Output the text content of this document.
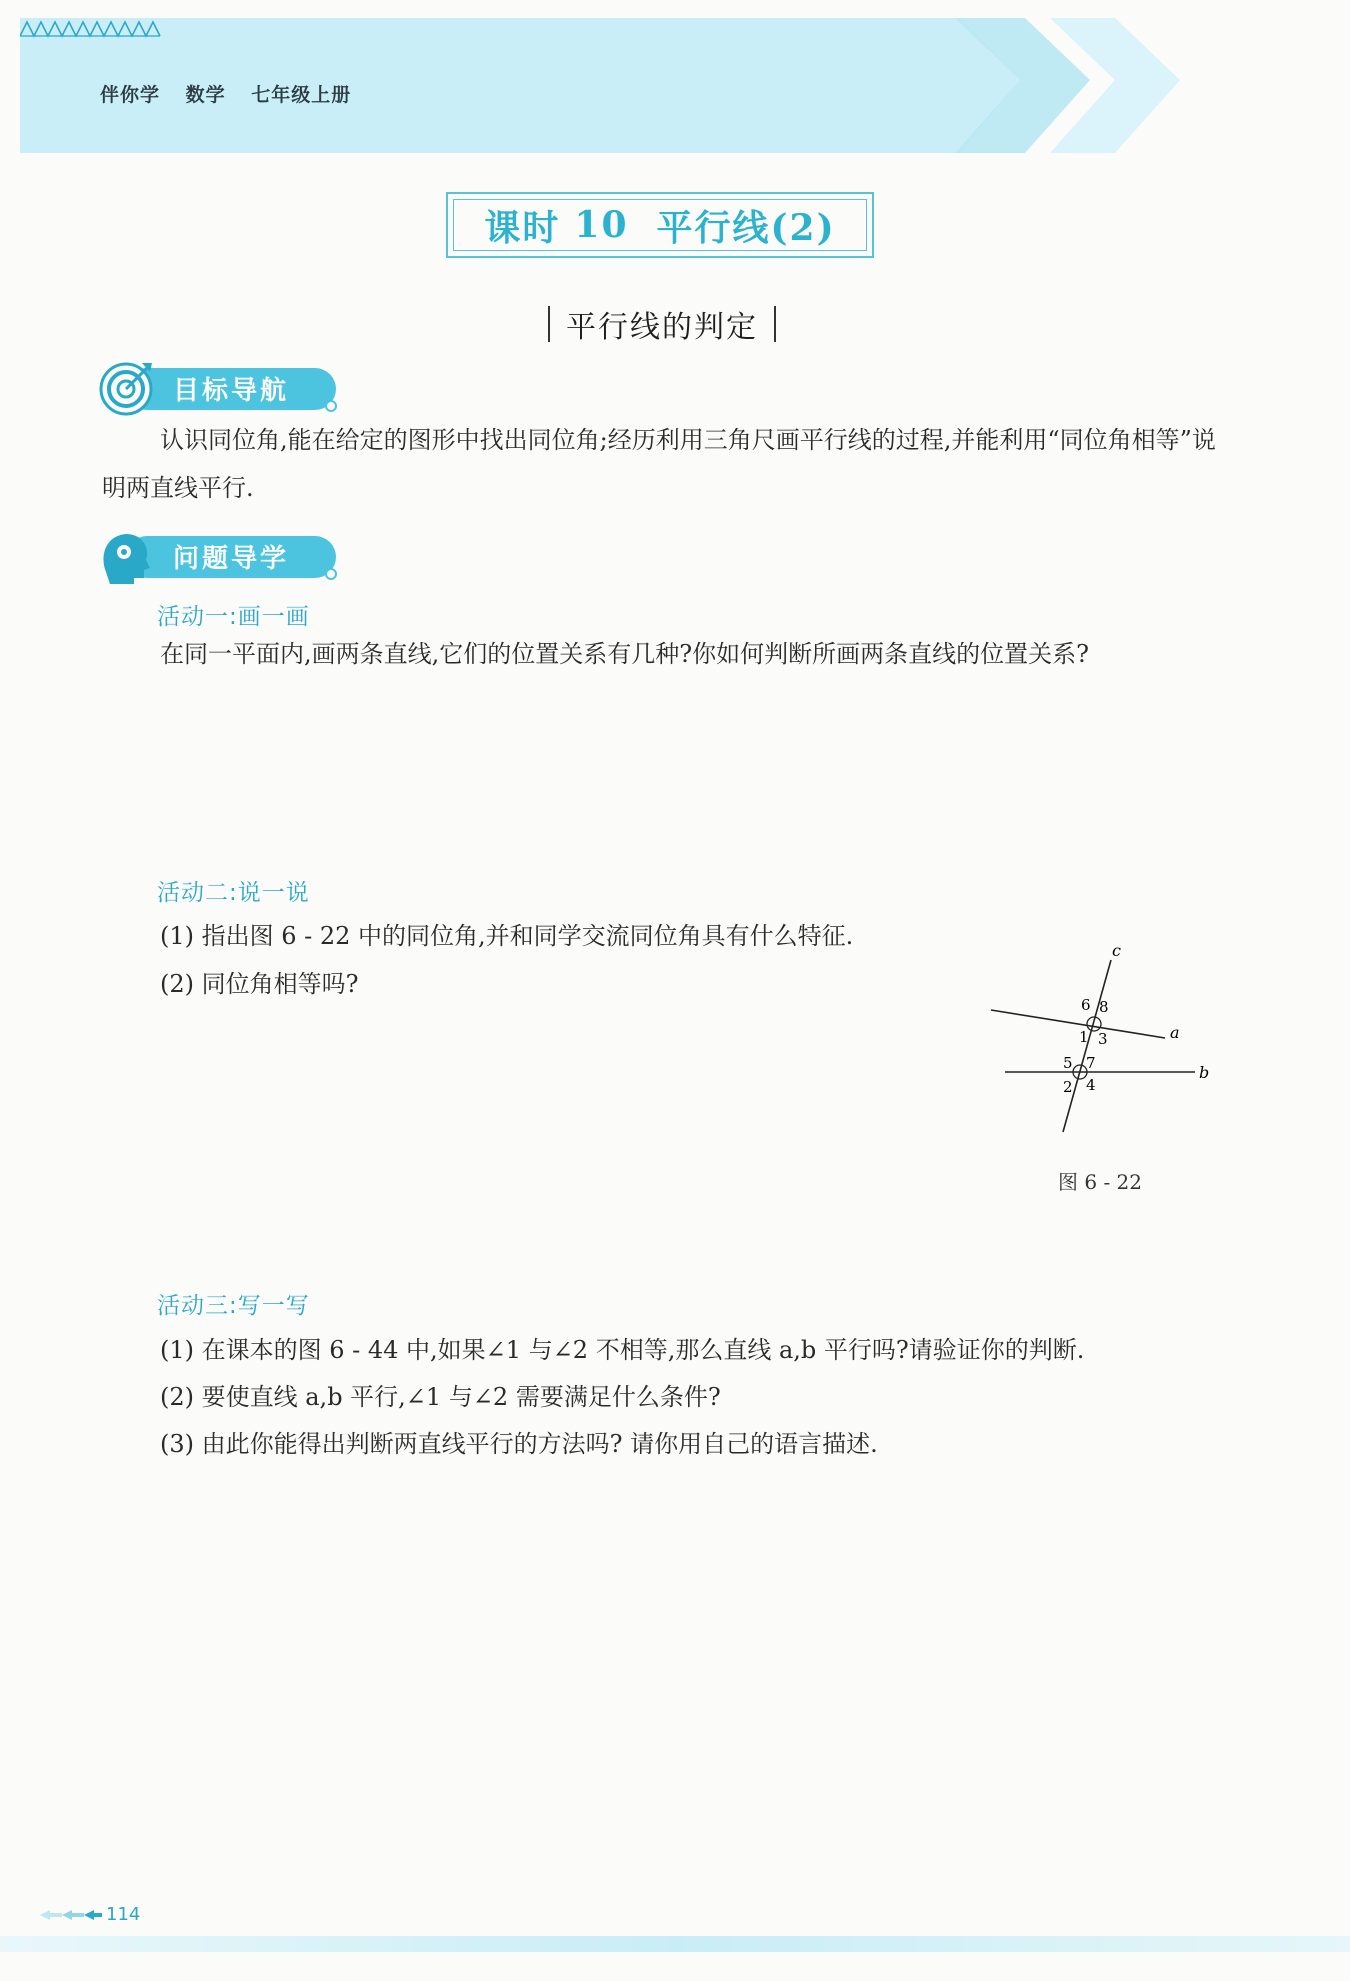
伴你学 数学 七年级上册
课时 10 平行线(2)
平行线的判定
目标导航
认识同位角,能在给定的图形中找出同位角;经历利用三角尺画平行线的过程,并能利用“同位角相等”说明两直线平行.
问题导学
活动一:画一画
在同一平面内,画两条直线,它们的位置关系有几种?你如何判断所画两条直线的位置关系?
活动二:说一说
(1) 指出图 6 - 22 中的同位角,并和同学交流同位角具有什么特征.
(2) 同位角相等吗?
c
a
b
6 8
1 3
5 7
2 4
图 6 - 22
活动三:写一写
(1) 在课本的图 6 - 44 中,如果∠1 与∠2 不相等,那么直线 a,b 平行吗?请验证你的判断.
(2) 要使直线 a,b 平行,∠1 与∠2 需要满足什么条件?
(3) 由此你能得出判断两直线平行的方法吗? 请你用自己的语言描述.
114
